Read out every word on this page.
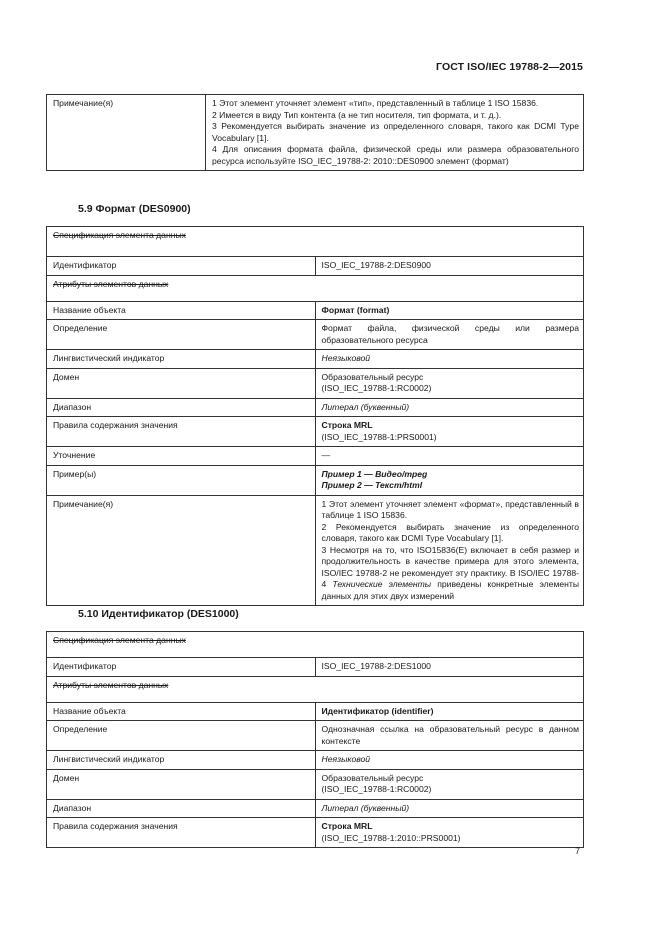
ГОСТ ISO/IEC 19788-2—2015
Примечание(я)	1 Этот элемент уточняет элемент «тип», представленный в таблице 1 ISO 15836.
2 Имеется в виду Тип контента (а не тип носителя, тип формата, и т. д.).
3 Рекомендуется выбирать значение из определенного словаря, такого как DCMI Type Vocabulary [1].
4 Для описания формата файла, физической среды или размера образовательного ресурса используйте ISO_IEC_19788-2: 2010::DES0900 элемент (формат)
5.9 Формат (DES0900)
Спецификация элемента данных	
Идентификатор	ISO_IEC_19788-2:DES0900
Атрибуты элементов данных	
Название объекта	Формат (format)
Определение	Формат файла, физической среды или размера образовательного ресурса
Лингвистический индикатор	Неязыковой
Домен	Образовательный ресурс
(ISO_IEC_19788-1:RC0002)

Диапазон	Литерал (буквенный)
Правила содержания значения	Строка MRL
(ISO_IEC_19788-1:PRS0001)

Уточнение	—
Пример(ы)	Пример 1 — Видео/mpeg
Пример 2 — Текст/html

Примечание(я)	1 Этот элемент уточняет элемент «формат», представленный в таблице 1 ISO 15836.
2 Рекомендуется выбирать значение из определенного словаря, такого как DCMI Type Vocabulary [1].
3 Несмотря на то, что ISO15836(E) включает в себя размер и продолжительность в качестве примера для этого элемента, ISO/IEC 19788-2 не рекомендует эту практику. В ISO/IEC 19788-4 Технические элементы приведены конкретные элементы данных для этих двух измерений
5.10 Идентификатор (DES1000)
Спецификация элемента данных	
Идентификатор	ISO_IEC_19788-2:DES1000
Атрибуты элементов данных	
Название объекта	Идентификатор (identifier)
Определение	Однозначная ссылка на образовательный ресурс в данном контексте
Лингвистический индикатор	Неязыковой
Домен	Образовательный ресурс
(ISO_IEC_19788-1:RC0002)

Диапазон	Литерал (буквенный)
Правила содержания значения	Строка MRL
(ISO_IEC_19788-1:2010::PRS0001)
7
